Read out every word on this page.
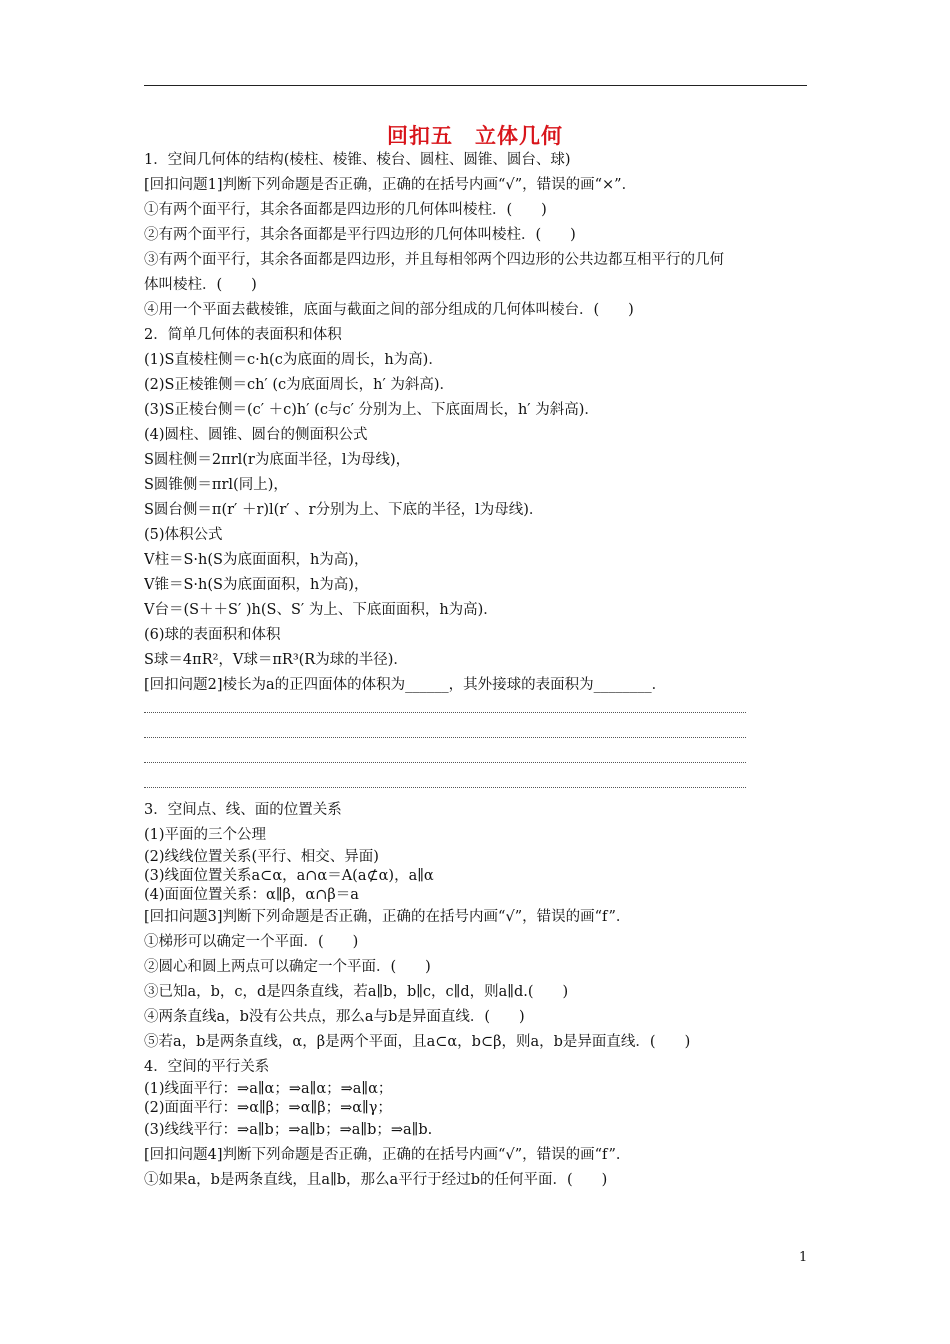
回扣五　立体几何
1．空间几何体的结构(棱柱、棱锥、棱台、圆柱、圆锥、圆台、球)
[回扣问题1]判断下列命题是否正确，正确的在括号内画“√”，错误的画“×”．
①有两个面平行，其余各面都是四边形的几何体叫棱柱．(　　)
②有两个面平行，其余各面都是平行四边形的几何体叫棱柱．(　　)
③有两个面平行，其余各面都是四边形，并且每相邻两个四边形的公共边都互相平行的几何
体叫棱柱．(　　)
④用一个平面去截棱锥，底面与截面之间的部分组成的几何体叫棱台．(　　)
2．简单几何体的表面积和体积
(1)S直棱柱侧＝c·h(c为底面的周长，h为高)．
(2)S正棱锥侧＝ch′ (c为底面周长，h′ 为斜高)．
(3)S正棱台侧＝(c′ ＋c)h′ (c与c′ 分别为上、下底面周长，h′ 为斜高)．
(4)圆柱、圆锥、圆台的侧面积公式
S圆柱侧＝2πrl(r为底面半径，l为母线)，
S圆锥侧＝πrl(同上)，
S圆台侧＝π(r′ ＋r)l(r′ 、r分别为上、下底的半径，l为母线)．
(5)体积公式
V柱＝S·h(S为底面面积，h为高)，
V锥＝S·h(S为底面面积，h为高)，
V台＝(S＋＋S′ )h(S、S′ 为上、下底面面积，h为高)．
(6)球的表面积和体积
S球＝4πR²，V球＝πR³(R为球的半径)．
[回扣问题2]棱长为a的正四面体的体积为______，其外接球的表面积为________．
3．空间点、线、面的位置关系
(1)平面的三个公理
(2)线线位置关系(平行、相交、异面)
(3)线面位置关系a⊂α，a∩α＝A(a⊄α)，a∥α
(4)面面位置关系：α∥β，α∩β＝a
[回扣问题3]判断下列命题是否正确，正确的在括号内画“√”，错误的画“f”．
①梯形可以确定一个平面．(　　)
②圆心和圆上两点可以确定一个平面．(　　)
③已知a，b，c，d是四条直线，若a∥b，b∥c，c∥d，则a∥d.(　　)
④两条直线a，b没有公共点，那么a与b是异面直线．(　　)
⑤若a，b是两条直线，α，β是两个平面，且a⊂α，b⊂β，则a，b是异面直线．(　　)
4．空间的平行关系
(1)线面平行：⇒a∥α；⇒a∥α；⇒a∥α；
(2)面面平行：⇒α∥β；⇒α∥β；⇒α∥γ；
(3)线线平行：⇒a∥b；⇒a∥b；⇒a∥b；⇒a∥b.
[回扣问题4]判断下列命题是否正确，正确的在括号内画“√”，错误的画“f”．
①如果a，b是两条直线，且a∥b，那么a平行于经过b的任何平面．(　　)
1
